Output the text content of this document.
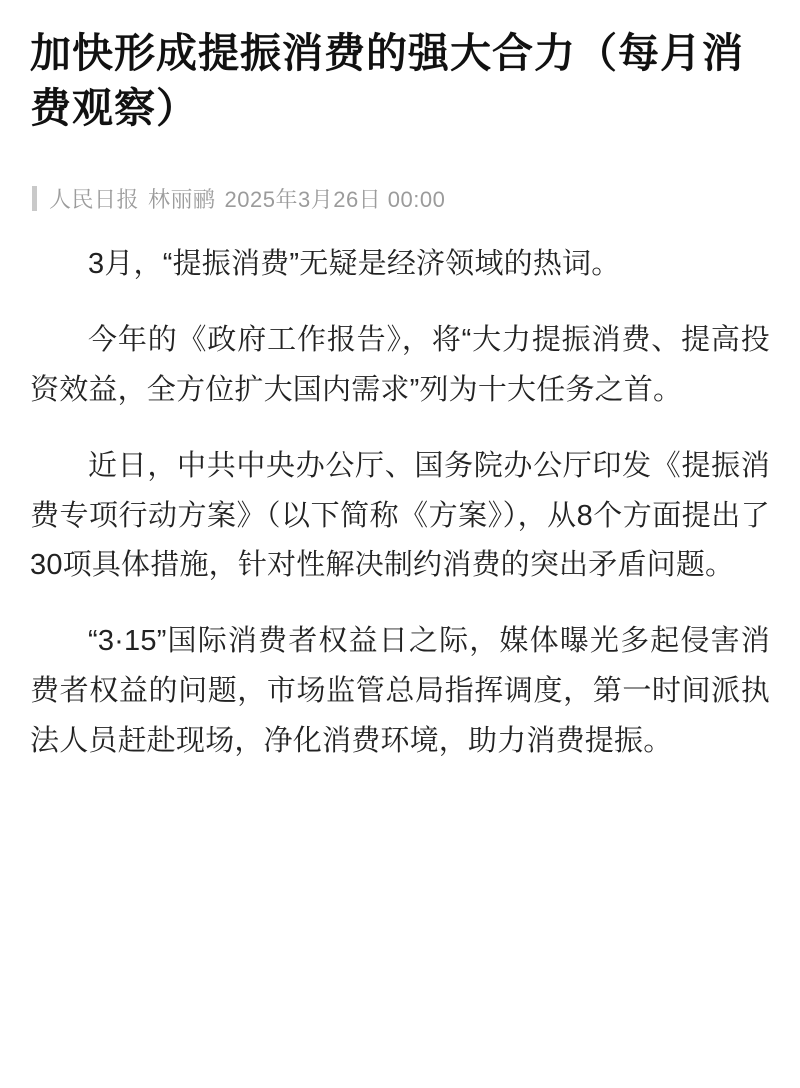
加快形成提振消费的强大合力（每月消费观察）
人民日报 林丽鹂 2025年3月26日 00:00

3月，“提振消费”无疑是经济领域的热词。

今年的《政府工作报告》，将“大力提振消费、提高投资效益，全方位扩大国内需求”列为十大任务之首。

近日，中共中央办公厅、国务院办公厅印发《提振消费专项行动方案》（以下简称《方案》），从8个方面提出了30项具体措施，针对性解决制约消费的突出矛盾问题。

“3·15”国际消费者权益日之际，媒体曝光多起侵害消费者权益的问题，市场监管总局指挥调度，第一时间派执法人员赶赴现场，净化消费环境，助力消费提振。
